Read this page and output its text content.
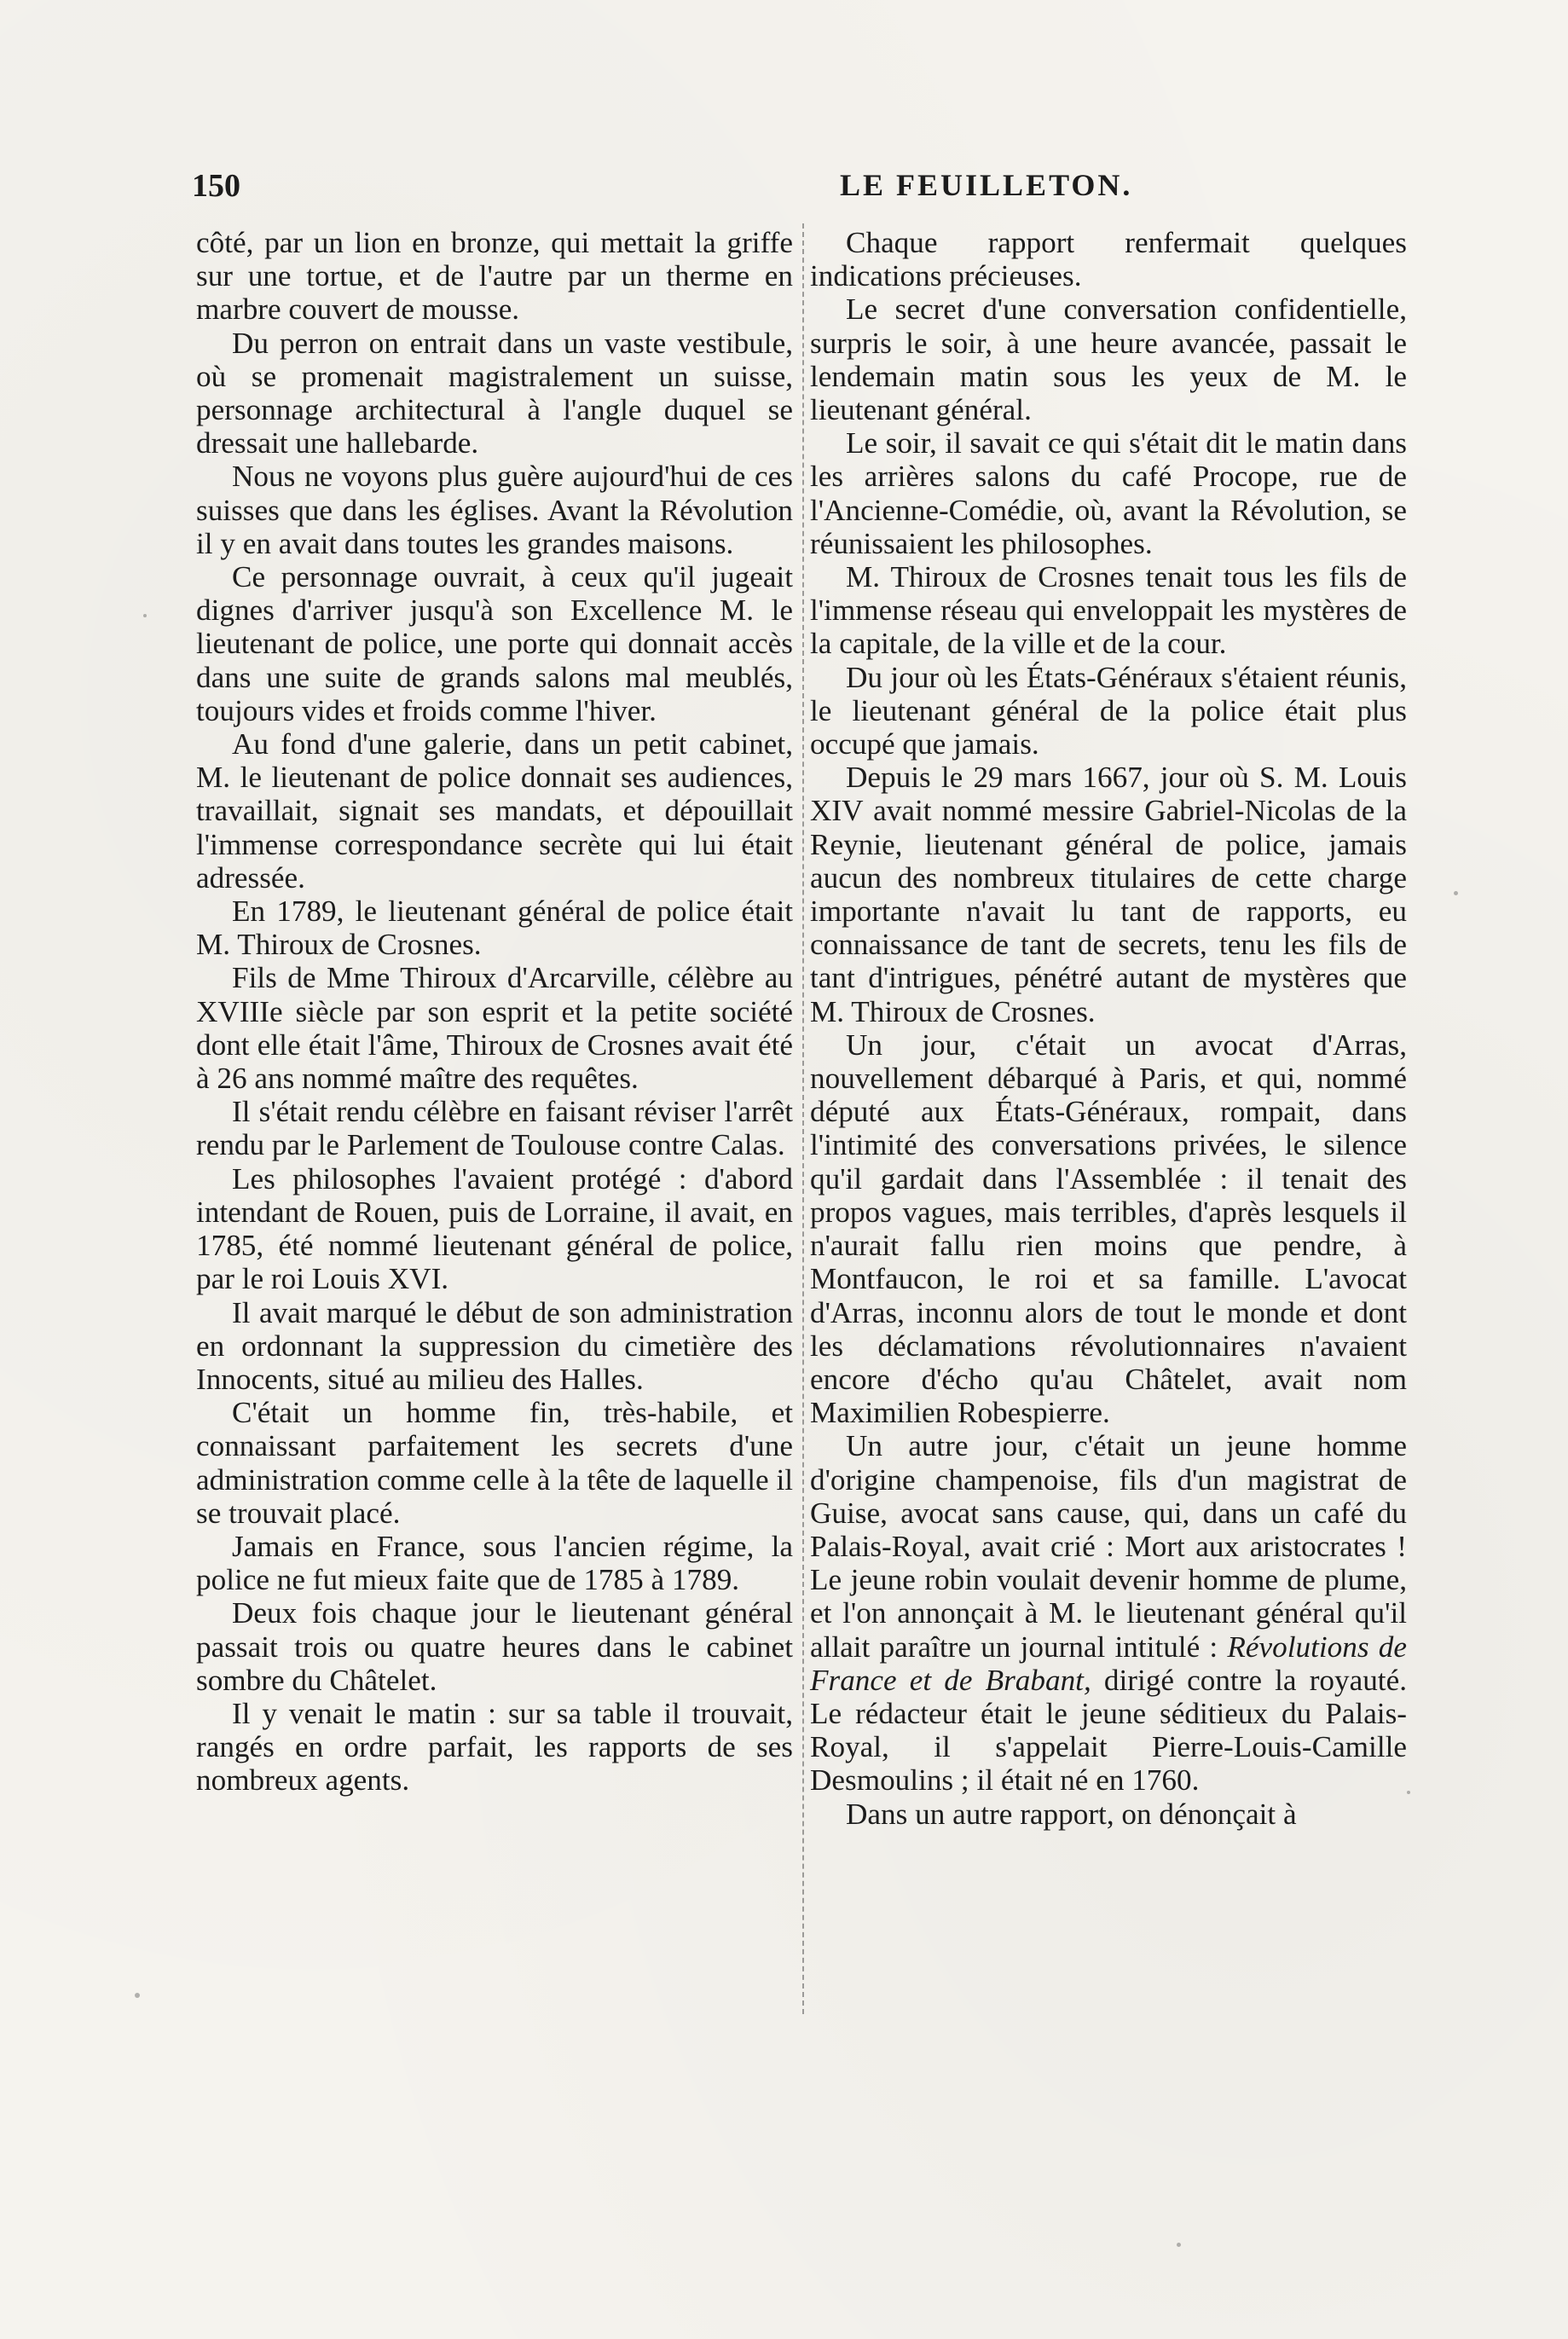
150	LE FEUILLETON.

côté, par un lion en bronze, qui mettait la griffe sur une tortue, et de l'autre par un therme en marbre couvert de mousse.

Du perron on entrait dans un vaste vestibule, où se promenait magistralement un suisse, personnage architectural à l'angle duquel se dressait une hallebarde.

Nous ne voyons plus guère aujourd'hui de ces suisses que dans les églises. Avant la Révolution il y en avait dans toutes les grandes maisons.

Ce personnage ouvrait, à ceux qu'il jugeait dignes d'arriver jusqu'à son Excellence M. le lieutenant de police, une porte qui donnait accès dans une suite de grands salons mal meublés, toujours vides et froids comme l'hiver.

Au fond d'une galerie, dans un petit cabinet, M. le lieutenant de police donnait ses audiences, travaillait, signait ses mandats, et dépouillait l'immense correspondance secrète qui lui était adressée.

En 1789, le lieutenant général de police était M. Thiroux de Crosnes.

Fils de Mme Thiroux d'Arcarville, célèbre au XVIIIe siècle par son esprit et la petite société dont elle était l'âme, Thiroux de Crosnes avait été à 26 ans nommé maître des requêtes.

Il s'était rendu célèbre en faisant réviser l'arrêt rendu par le Parlement de Toulouse contre Calas.

Les philosophes l'avaient protégé : d'abord intendant de Rouen, puis de Lorraine, il avait, en 1785, été nommé lieutenant général de police, par le roi Louis XVI.

Il avait marqué le début de son administration en ordonnant la suppression du cimetière des Innocents, situé au milieu des Halles.

C'était un homme fin, très-habile, et connaissant parfaitement les secrets d'une administration comme celle à la tête de laquelle il se trouvait placé.

Jamais en France, sous l'ancien régime, la police ne fut mieux faite que de 1785 à 1789.

Deux fois chaque jour le lieutenant général passait trois ou quatre heures dans le cabinet sombre du Châtelet.

Il y venait le matin : sur sa table il trouvait, rangés en ordre parfait, les rapports de ses nombreux agents.

Chaque rapport renfermait quelques indications précieuses.

Le secret d'une conversation confidentielle, surpris le soir, à une heure avancée, passait le lendemain matin sous les yeux de M. le lieutenant général.

Le soir, il savait ce qui s'était dit le matin dans les arrières salons du café Procope, rue de l'Ancienne-Comédie, où, avant la Révolution, se réunissaient les philosophes.

M. Thiroux de Crosnes tenait tous les fils de l'immense réseau qui enveloppait les mystères de la capitale, de la ville et de la cour.

Du jour où les États-Généraux s'étaient réunis, le lieutenant général de la police était plus occupé que jamais.

Depuis le 29 mars 1667, jour où S. M. Louis XIV avait nommé messire Gabriel-Nicolas de la Reynie, lieutenant général de police, jamais aucun des nombreux titulaires de cette charge importante n'avait lu tant de rapports, eu connaissance de tant de secrets, tenu les fils de tant d'intrigues, pénétré autant de mystères que M. Thiroux de Crosnes.

Un jour, c'était un avocat d'Arras, nouvellement débarqué à Paris, et qui, nommé député aux États-Généraux, rompait, dans l'intimité des conversations privées, le silence qu'il gardait dans l'Assemblée : il tenait des propos vagues, mais terribles, d'après lesquels il n'aurait fallu rien moins que pendre, à Montfaucon, le roi et sa famille. L'avocat d'Arras, inconnu alors de tout le monde et dont les déclamations révolutionnaires n'avaient encore d'écho qu'au Châtelet, avait nom Maximilien Robespierre.

Un autre jour, c'était un jeune homme d'origine champenoise, fils d'un magistrat de Guise, avocat sans cause, qui, dans un café du Palais-Royal, avait crié : Mort aux aristocrates ! Le jeune robin voulait devenir homme de plume, et l'on annonçait à M. le lieutenant général qu'il allait paraître un journal intitulé : Révolutions de France et de Brabant, dirigé contre la royauté. Le rédacteur était le jeune séditieux du Palais-Royal, il s'appelait Pierre-Louis-Camille Desmoulins ; il était né en 1760.

Dans un autre rapport, on dénonçait à
